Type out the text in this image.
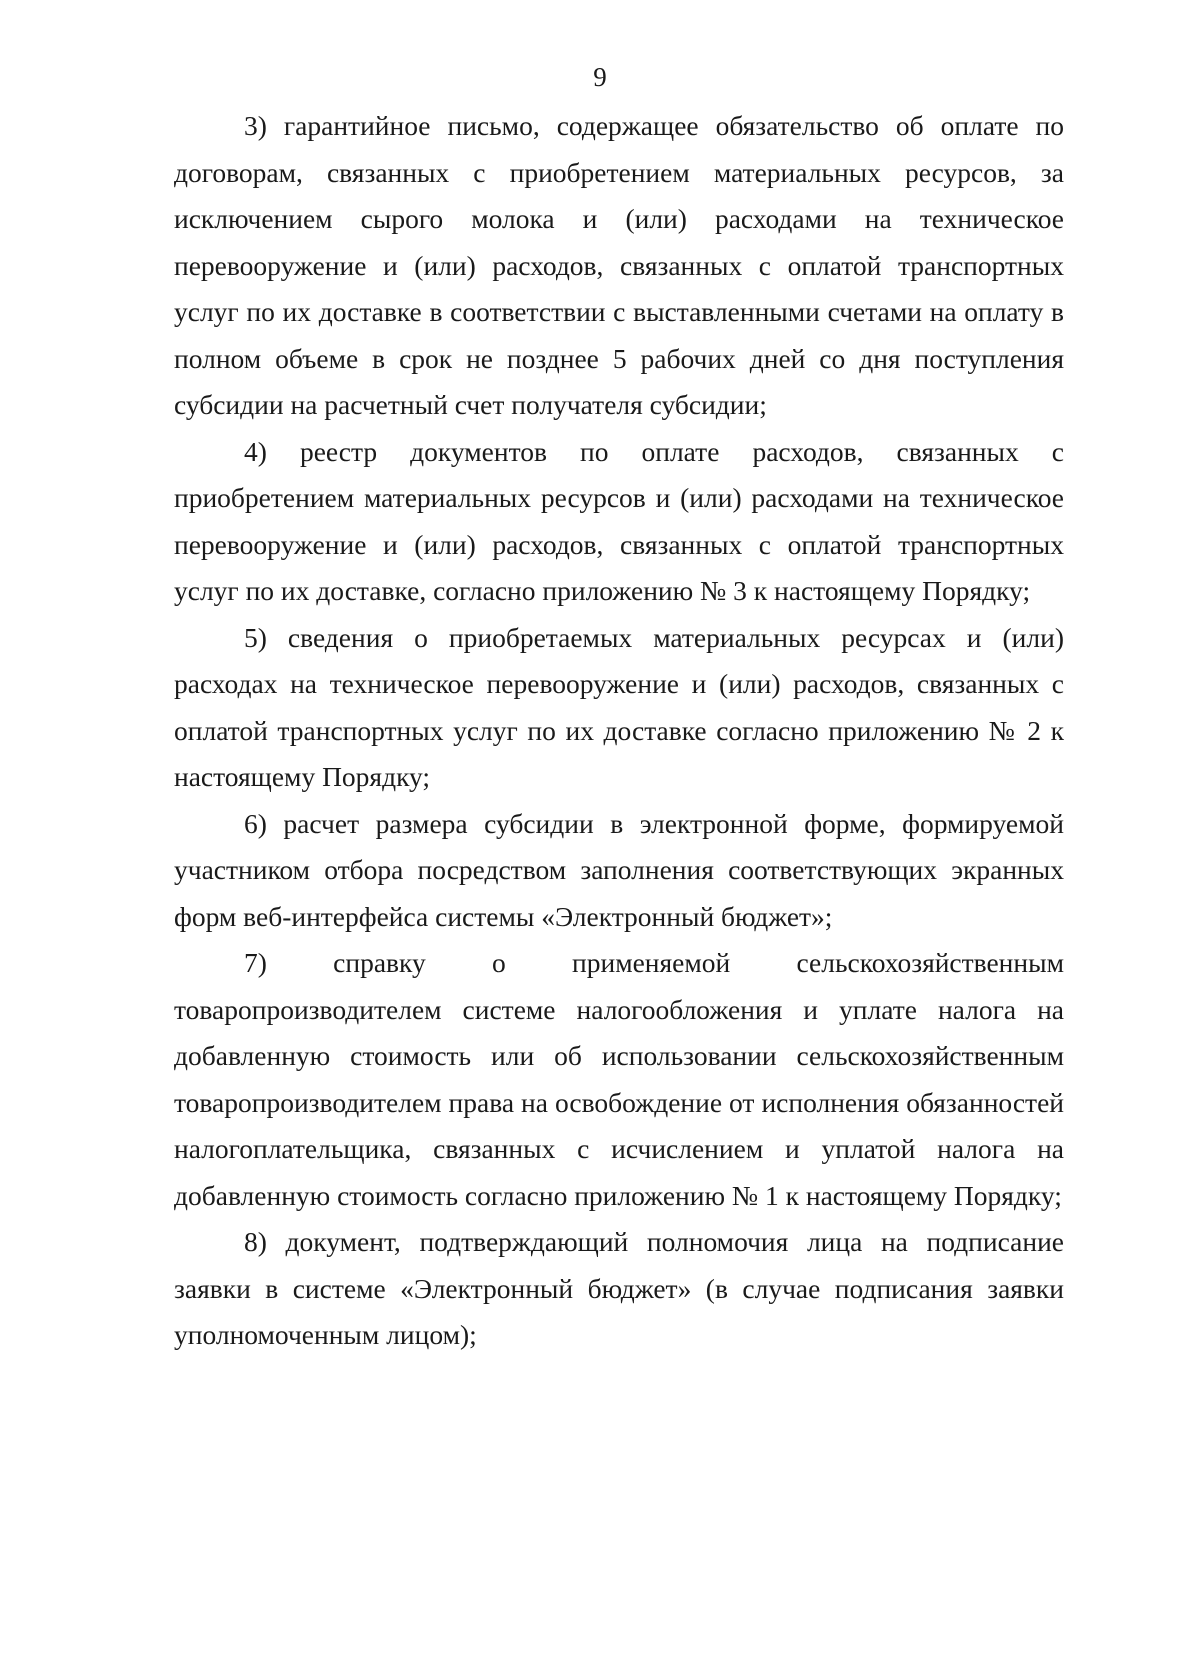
9

3) гарантийное письмо, содержащее обязательство об оплате по договорам, связанных с приобретением материальных ресурсов, за исключением сырого молока и (или) расходами на техническое перевооружение и (или) расходов, связанных с оплатой транспортных услуг по их доставке в соответствии с выставленными счетами на оплату в полном объеме в срок не позднее 5 рабочих дней со дня поступления субсидии на расчетный счет получателя субсидии;

4) реестр документов по оплате расходов, связанных с приобретением материальных ресурсов и (или) расходами на техническое перевооружение и (или) расходов, связанных с оплатой транспортных услуг по их доставке, согласно приложению № 3 к настоящему Порядку;

5) сведения о приобретаемых материальных ресурсах и (или) расходах на техническое перевооружение и (или) расходов, связанных с оплатой транспортных услуг по их доставке согласно приложению № 2 к настоящему Порядку;

6) расчет размера субсидии в электронной форме, формируемой участником отбора посредством заполнения соответствующих экранных форм веб-интерфейса системы «Электронный бюджет»;

7) справку о применяемой сельскохозяйственным товаропроизводителем системе налогообложения и уплате налога на добавленную стоимость или об использовании сельскохозяйственным товаропроизводителем права на освобождение от исполнения обязанностей налогоплательщика, связанных с исчислением и уплатой налога на добавленную стоимость согласно приложению № 1 к настоящему Порядку;

8) документ, подтверждающий полномочия лица на подписание заявки в системе «Электронный бюджет» (в случае подписания заявки уполномоченным лицом);
